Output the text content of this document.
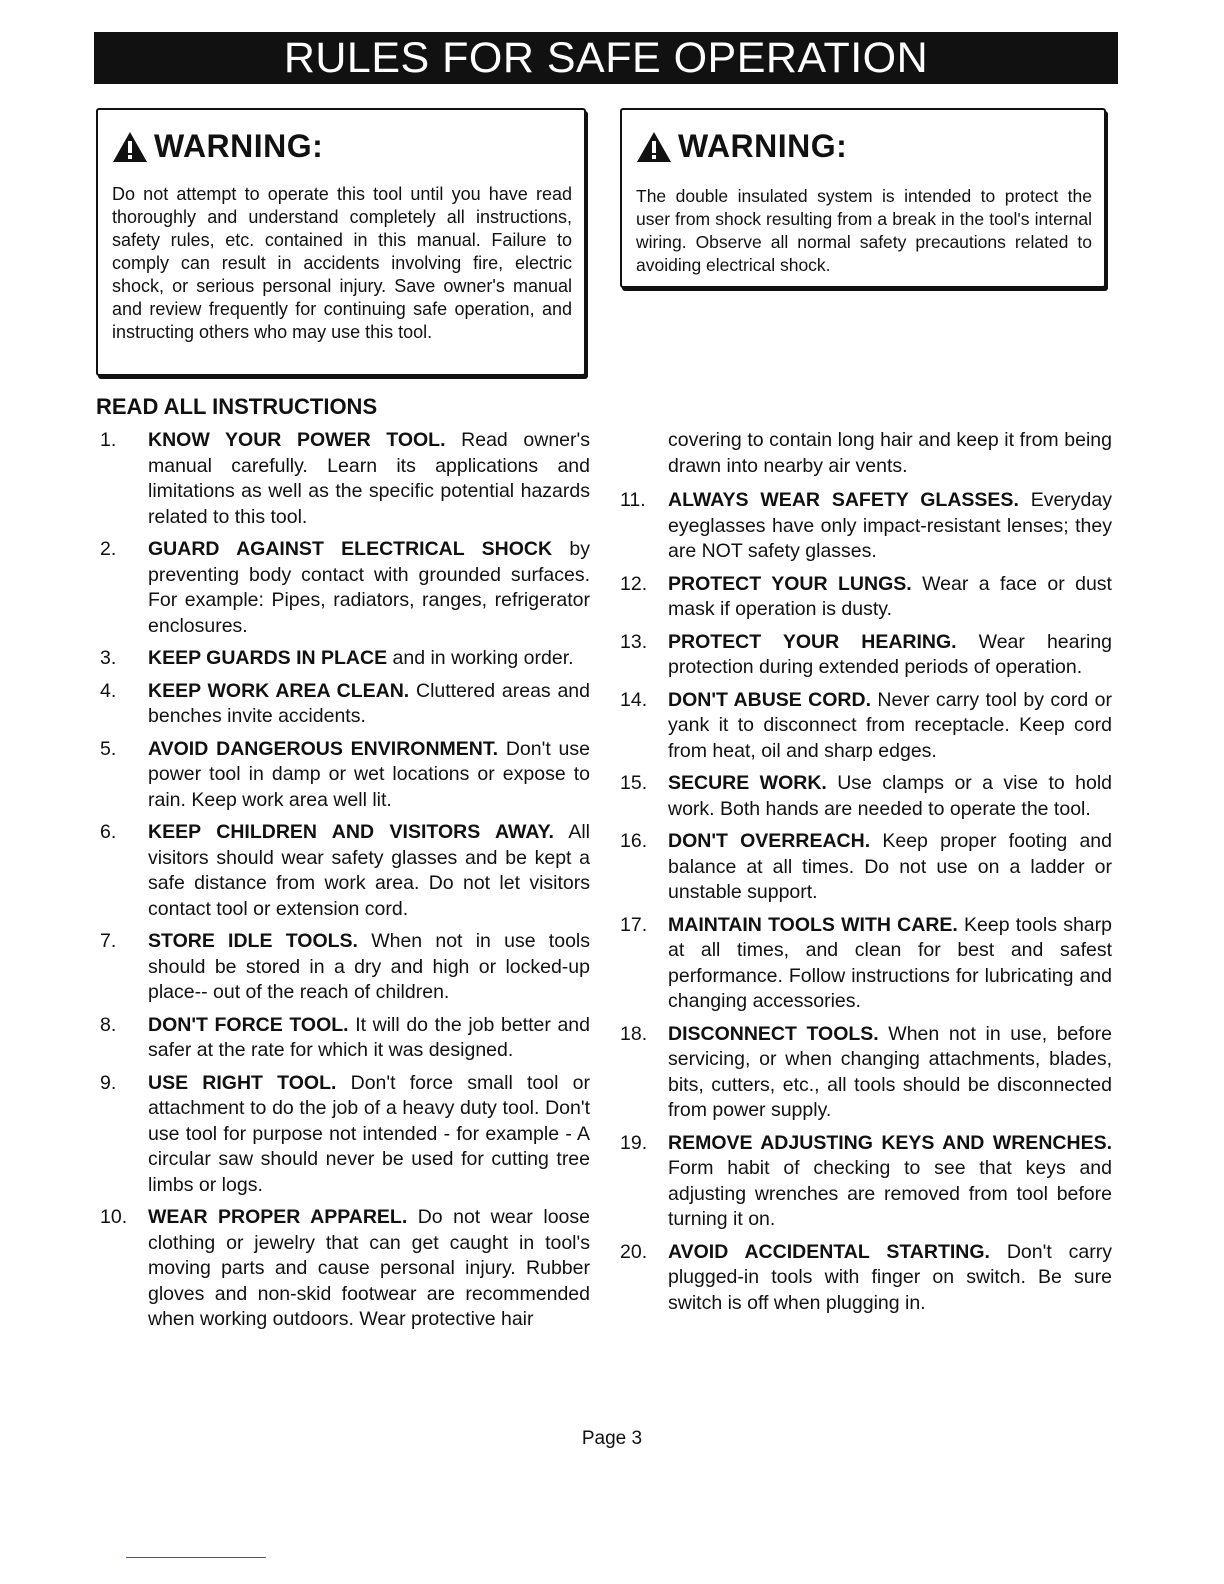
RULES FOR SAFE OPERATION
WARNING:
Do not attempt to operate this tool until you have read thoroughly and understand completely all instructions, safety rules, etc. contained in this manual. Failure to comply can result in accidents involving fire, electric shock, or serious personal injury. Save owner's manual and review frequently for continuing safe operation, and instructing others who may use this tool.
WARNING:
The double insulated system is intended to protect the user from shock resulting from a break in the tool's internal wiring. Observe all normal safety precautions related to avoiding electrical shock.
READ ALL INSTRUCTIONS
1.	KNOW YOUR POWER TOOL. Read owner's manual carefully. Learn its applications and limitations as well as the specific potential hazards related to this tool.
2.	GUARD AGAINST ELECTRICAL SHOCK by preventing body contact with grounded surfaces. For example: Pipes, radiators, ranges, refrigerator enclosures.
3.	KEEP GUARDS IN PLACE and in working order.
4.	KEEP WORK AREA CLEAN. Cluttered areas and benches invite accidents.
5.	AVOID DANGEROUS ENVIRONMENT. Don't use power tool in damp or wet locations or expose to rain. Keep work area well lit.
6.	KEEP CHILDREN AND VISITORS AWAY. All visitors should wear safety glasses and be kept a safe distance from work area. Do not let visitors contact tool or extension cord.
7.	STORE IDLE TOOLS. When not in use tools should be stored in a dry and high or locked-up place-- out of the reach of children.
8.	DON'T FORCE TOOL. It will do the job better and safer at the rate for which it was designed.
9.	USE RIGHT TOOL. Don't force small tool or attachment to do the job of a heavy duty tool. Don't use tool for purpose not intended - for example - A circular saw should never be used for cutting tree limbs or logs.
10.	WEAR PROPER APPAREL. Do not wear loose clothing or jewelry that can get caught in tool's moving parts and cause personal injury. Rubber gloves and non-skid footwear are recommended when working outdoors. Wear protective hair
covering to contain long hair and keep it from being drawn into nearby air vents.
11.	ALWAYS WEAR SAFETY GLASSES. Everyday eyeglasses have only impact-resistant lenses; they are NOT safety glasses.
12.	PROTECT YOUR LUNGS. Wear a face or dust mask if operation is dusty.
13.	PROTECT YOUR HEARING. Wear hearing protection during extended periods of operation.
14.	DON'T ABUSE CORD. Never carry tool by cord or yank it to disconnect from receptacle. Keep cord from heat, oil and sharp edges.
15.	SECURE WORK. Use clamps or a vise to hold work. Both hands are needed to operate the tool.
16.	DON'T OVERREACH. Keep proper footing and balance at all times. Do not use on a ladder or unstable support.
17.	MAINTAIN TOOLS WITH CARE. Keep tools sharp at all times, and clean for best and safest performance. Follow instructions for lubricating and changing accessories.
18.	DISCONNECT TOOLS. When not in use, before servicing, or when changing attachments, blades, bits, cutters, etc., all tools should be disconnected from power supply.
19.	REMOVE ADJUSTING KEYS AND WRENCHES. Form habit of checking to see that keys and adjusting wrenches are removed from tool before turning it on.
20.	AVOID ACCIDENTAL STARTING. Don't carry plugged-in tools with finger on switch. Be sure switch is off when plugging in.
Page 3
